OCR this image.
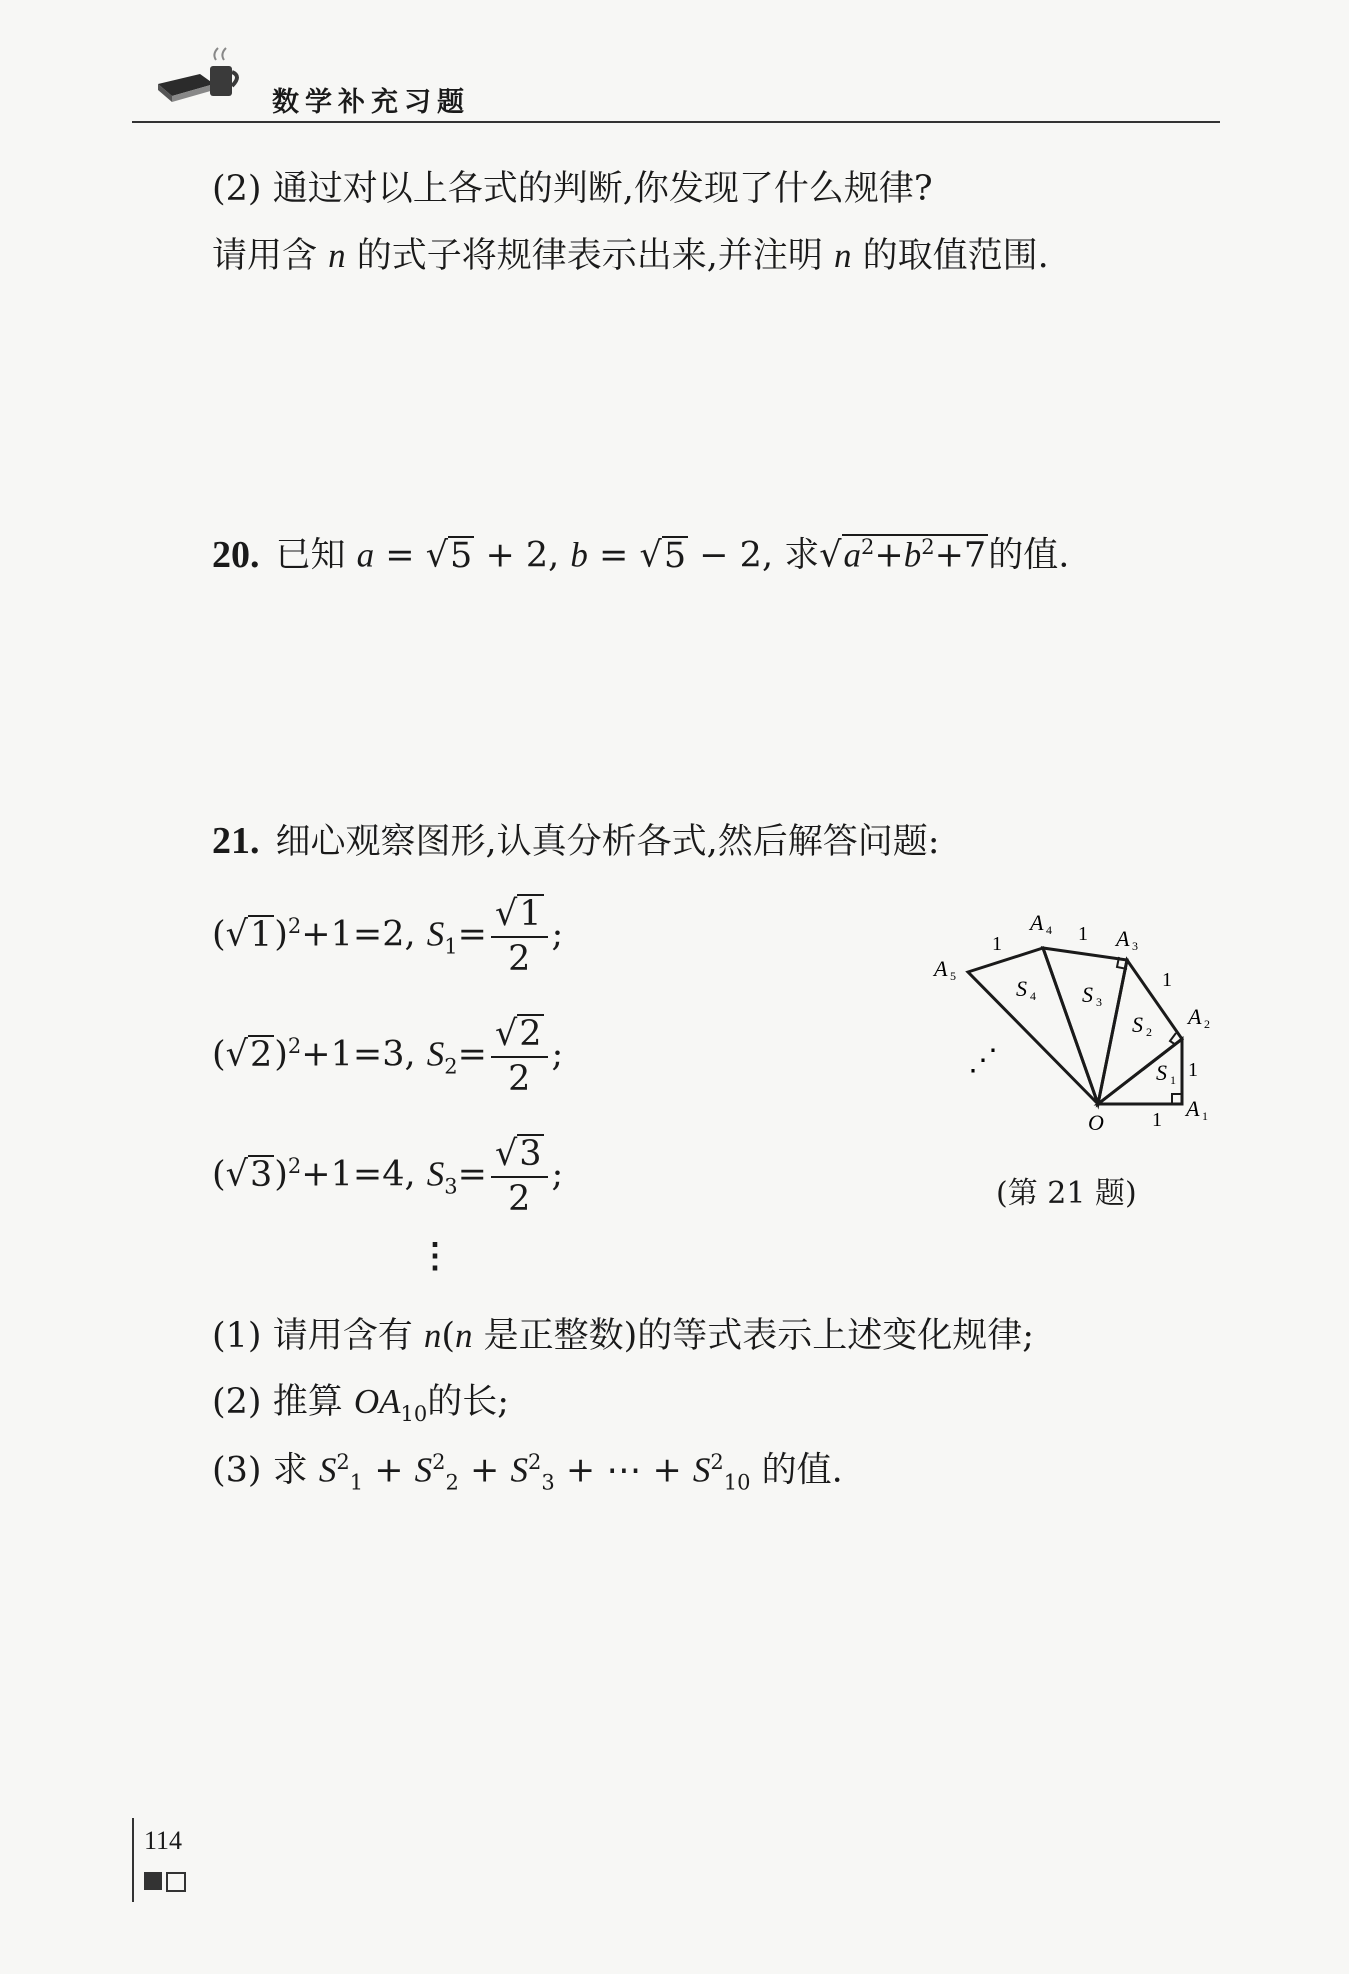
数学补充习题
(2) 通过对以上各式的判断,你发现了什么规律?
请用含 n 的式子将规律表示出来,并注明 n 的取值范围.
20. 已知 a = √5 + 2, b = √5 − 2, 求$√a^2+b^2+7$的值.
21. 细心观察图形,认真分析各式,然后解答问题:
$(√1)^2+1=2$, $S_1= \frac{√1}{2}$ ;
$(√2)^2+1=3$, $S_2= \frac{√2}{2}$ ;
$(√3)^2+1=4$, $S_3= \frac{√3}{2}$ ;
⋮
O
A 1
A 2
A 3
A 4
A 5
S 1
S 2
S 3
S 4
1
1
1
1
1
⋰
(第 21 题)
(1) 请用含有 n(n 是正整数)的等式表示上述变化规律;
(2) 推算 $OA_{10}$的长;
(3) 求 $S^2_1 + S^2_2 + S^2_3$ + ⋯ + $S^2_{10}$ 的值.
114
